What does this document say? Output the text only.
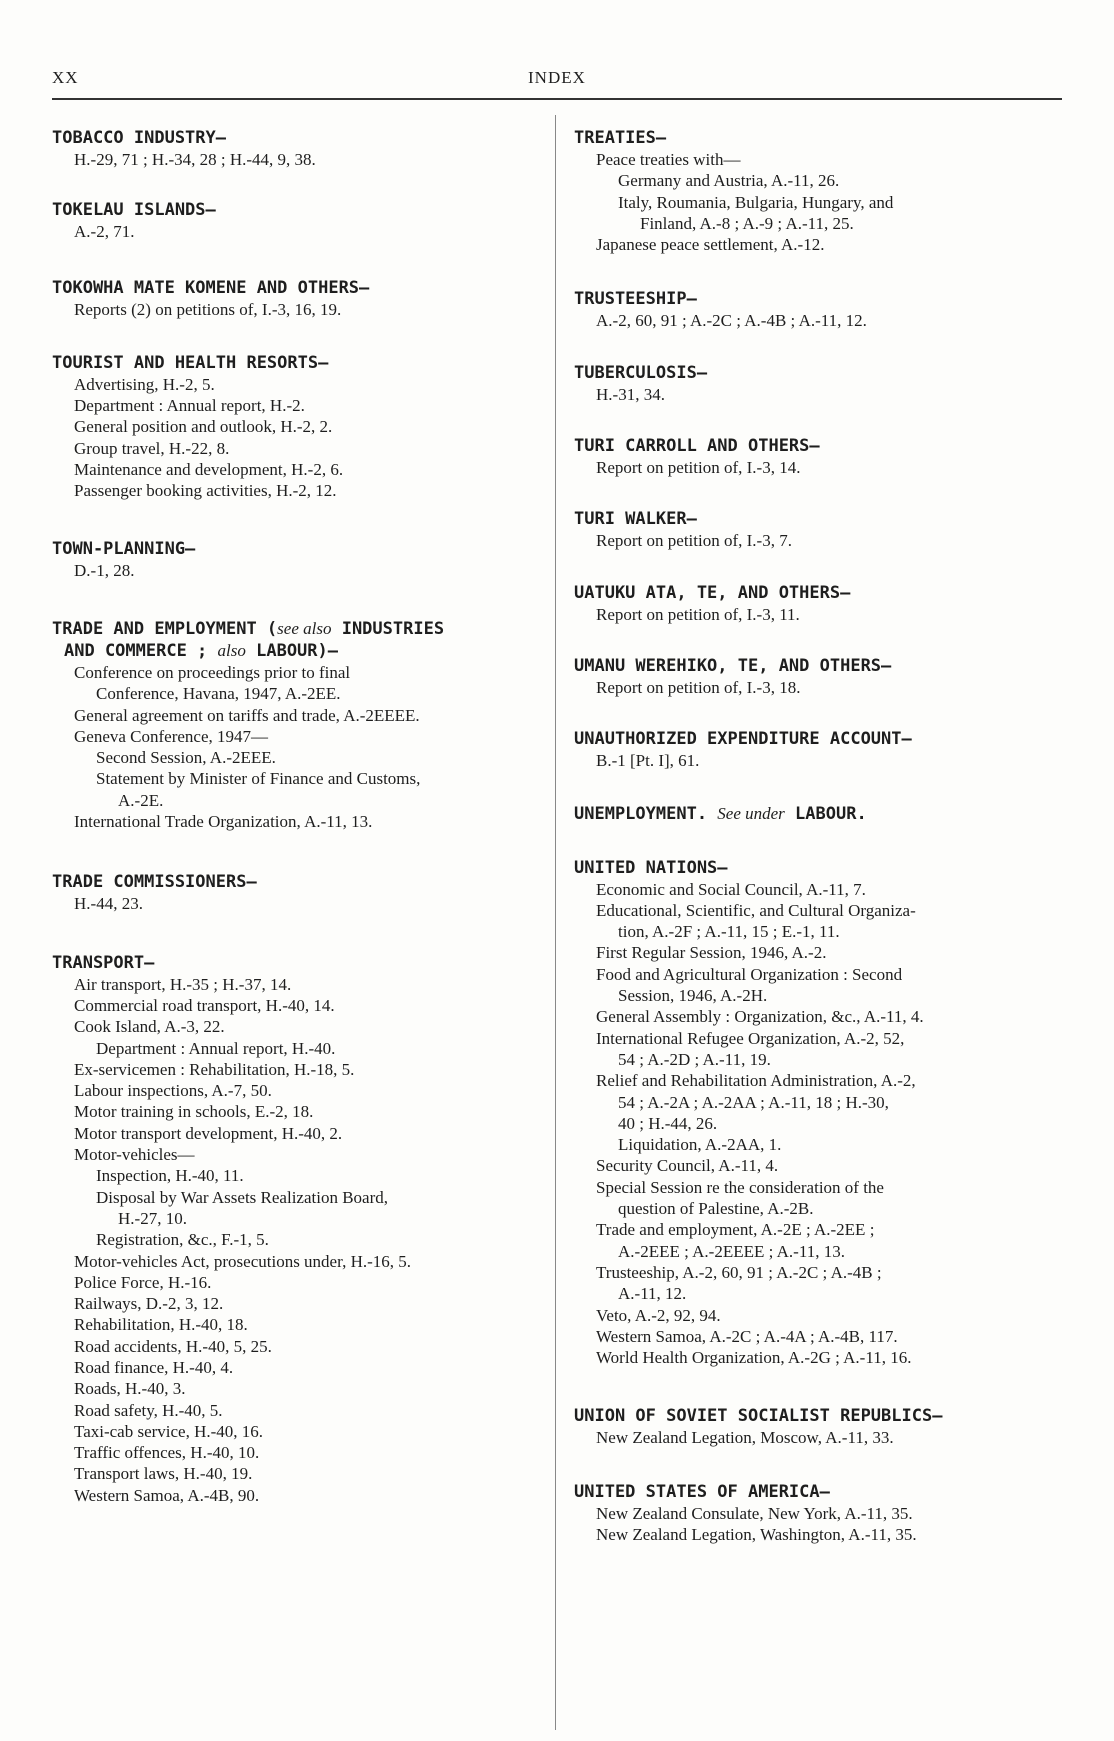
XX	INDEX
TOBACCO INDUSTRY—
H.-29, 71 ; H.-34, 28 ; H.-44, 9, 38.
TOKELAU ISLANDS—
A.-2, 71.
TOKOWHA MATE KOMENE AND OTHERS—
Reports (2) on petitions of, I.-3, 16, 19.
TOURIST AND HEALTH RESORTS—
Advertising, H.-2, 5.
Department : Annual report, H.-2.
General position and outlook, H.-2, 2.
Group travel, H.-22, 8.
Maintenance and development, H.-2, 6.
Passenger booking activities, H.-2, 12.
TOWN-PLANNING—
D.-1, 28.
TRADE AND EMPLOYMENT (see also INDUSTRIES
AND COMMERCE ; also LABOUR)—
Conference on proceedings prior to final
Conference, Havana, 1947, A.-2EE.
General agreement on tariffs and trade, A.-2EEEE.
Geneva Conference, 1947—
Second Session, A.-2EEE.
Statement by Minister of Finance and Customs,
A.-2E.
International Trade Organization, A.-11, 13.
TRADE COMMISSIONERS—
H.-44, 23.
TRANSPORT—
Air transport, H.-35 ; H.-37, 14.
Commercial road transport, H.-40, 14.
Cook Island, A.-3, 22.
Department : Annual report, H.-40.
Ex-servicemen : Rehabilitation, H.-18, 5.
Labour inspections, A.-7, 50.
Motor training in schools, E.-2, 18.
Motor transport development, H.-40, 2.
Motor-vehicles—
Inspection, H.-40, 11.
Disposal by War Assets Realization Board,
H.-27, 10.
Registration, &c., F.-1, 5.
Motor-vehicles Act, prosecutions under, H.-16, 5.
Police Force, H.-16.
Railways, D.-2, 3, 12.
Rehabilitation, H.-40, 18.
Road accidents, H.-40, 5, 25.
Road finance, H.-40, 4.
Roads, H.-40, 3.
Road safety, H.-40, 5.
Taxi-cab service, H.-40, 16.
Traffic offences, H.-40, 10.
Transport laws, H.-40, 19.
Western Samoa, A.-4B, 90.
TREATIES—
Peace treaties with—
Germany and Austria, A.-11, 26.
Italy, Roumania, Bulgaria, Hungary, and
Finland, A.-8 ; A.-9 ; A.-11, 25.
Japanese peace settlement, A.-12.
TRUSTEESHIP—
A.-2, 60, 91 ; A.-2C ; A.-4B ; A.-11, 12.
TUBERCULOSIS—
H.-31, 34.
TURI CARROLL AND OTHERS—
Report on petition of, I.-3, 14.
TURI WALKER—
Report on petition of, I.-3, 7.
UATUKU ATA, TE, AND OTHERS—
Report on petition of, I.-3, 11.
UMANU WEREHIKO, TE, AND OTHERS—
Report on petition of, I.-3, 18.
UNAUTHORIZED EXPENDITURE ACCOUNT—
B.-1 [Pt. I], 61.
UNEMPLOYMENT. See under LABOUR.
UNITED NATIONS—
Economic and Social Council, A.-11, 7.
Educational, Scientific, and Cultural Organiza-
tion, A.-2F ; A.-11, 15 ; E.-1, 11.
First Regular Session, 1946, A.-2.
Food and Agricultural Organization : Second
Session, 1946, A.-2H.
General Assembly : Organization, &c., A.-11, 4.
International Refugee Organization, A.-2, 52,
54 ; A.-2D ; A.-11, 19.
Relief and Rehabilitation Administration, A.-2,
54 ; A.-2A ; A.-2AA ; A.-11, 18 ; H.-30,
40 ; H.-44, 26.
Liquidation, A.-2AA, 1.
Security Council, A.-11, 4.
Special Session re the consideration of the
question of Palestine, A.-2B.
Trade and employment, A.-2E ; A.-2EE ;
A.-2EEE ; A.-2EEEE ; A.-11, 13.
Trusteeship, A.-2, 60, 91 ; A.-2C ; A.-4B ;
A.-11, 12.
Veto, A.-2, 92, 94.
Western Samoa, A.-2C ; A.-4A ; A.-4B, 117.
World Health Organization, A.-2G ; A.-11, 16.
UNION OF SOVIET SOCIALIST REPUBLICS—
New Zealand Legation, Moscow, A.-11, 33.
UNITED STATES OF AMERICA—
New Zealand Consulate, New York, A.-11, 35.
New Zealand Legation, Washington, A.-11, 35.
